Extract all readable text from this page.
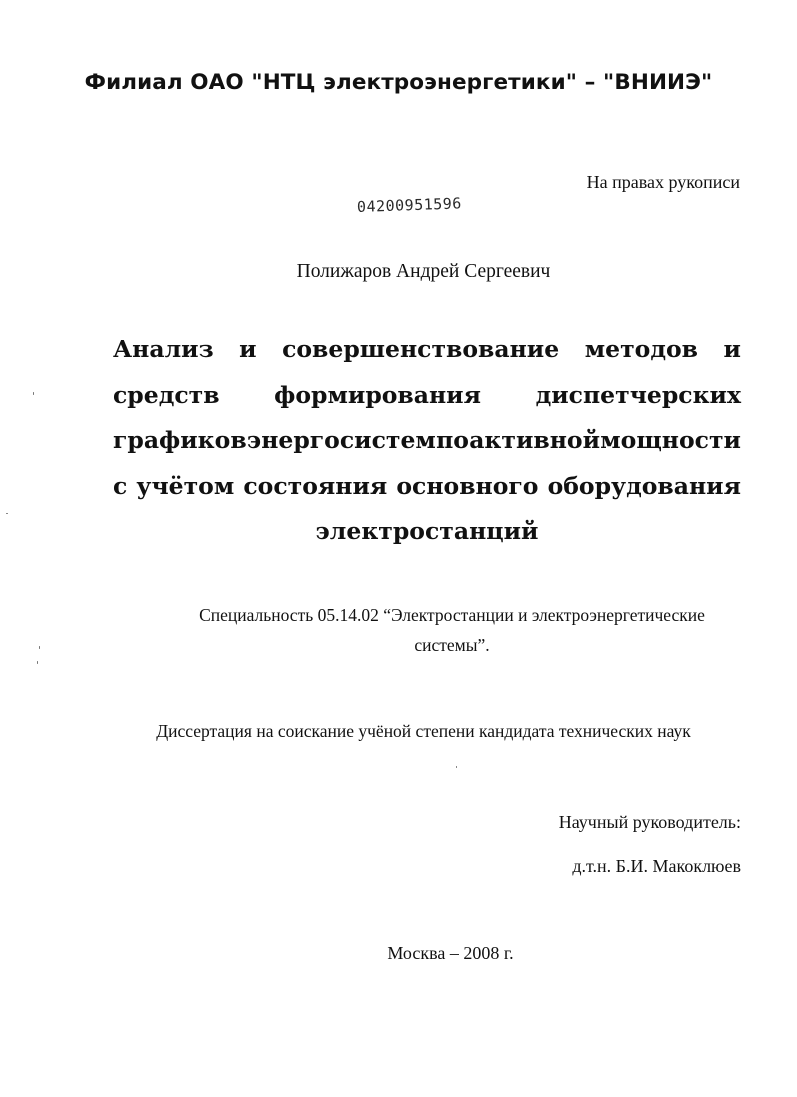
Филиал ОАО "НТЦ электроэнергетики" – "ВНИИЭ"
На правах рукописи
04200951596
Полижаров Андрей Сергеевич
Анализ и совершенствование методов и
средств формирования диспетчерских
графиков энергосистем по активной мощности
с учётом состояния основного оборудования
электростанций
Специальность 05.14.02 “Электростанции и электроэнергетические
системы”.
Диссертация на соискание учёной степени кандидата технических наук
Научный руководитель:
д.т.н. Б.И. Макоклюев
Москва – 2008 г.
